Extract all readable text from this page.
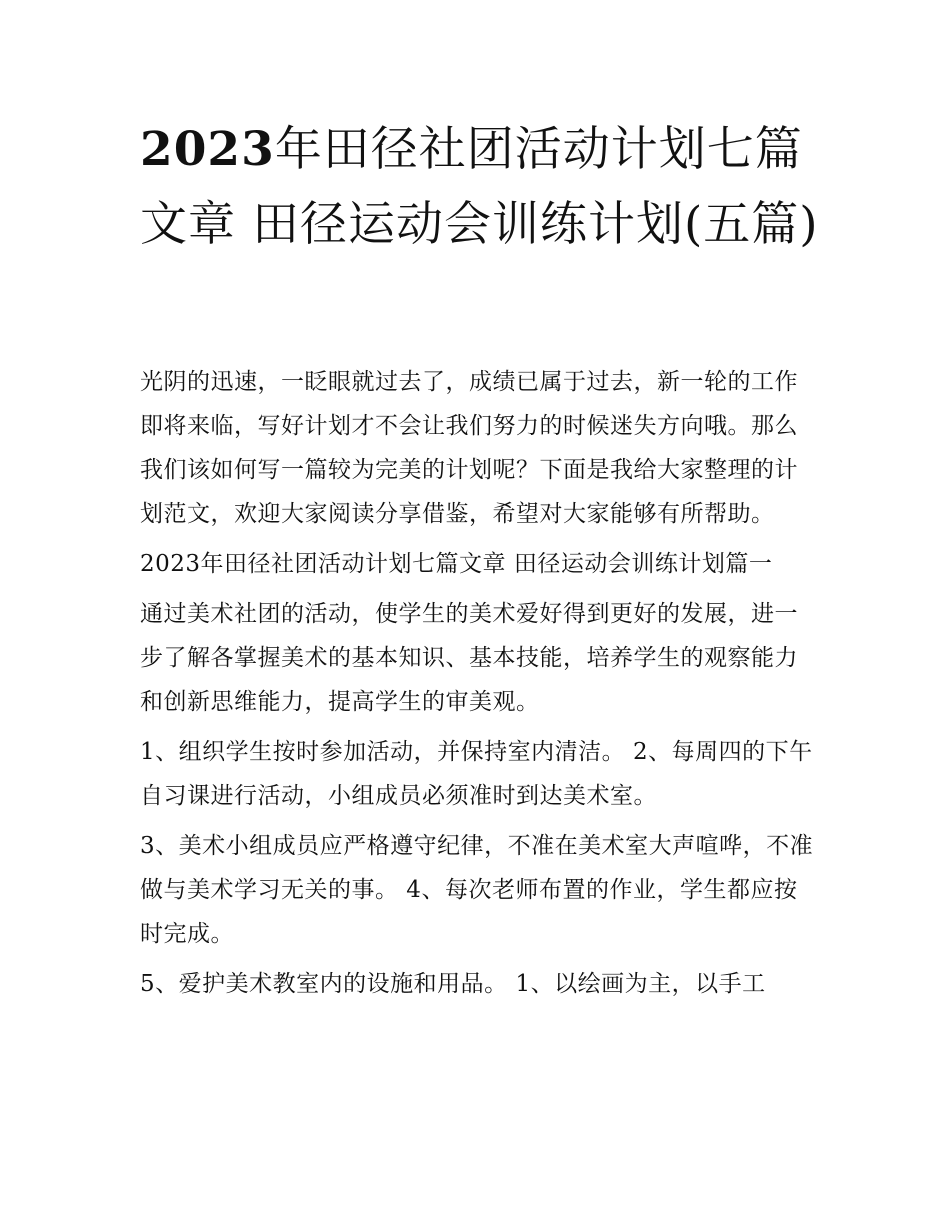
2023年田径社团活动计划七篇文章 田径运动会训练计划(五篇)

光阴的迅速，一眨眼就过去了，成绩已属于过去，新一轮的工作即将来临，写好计划才不会让我们努力的时候迷失方向哦。那么我们该如何写一篇较为完美的计划呢？下面是我给大家整理的计划范文，欢迎大家阅读分享借鉴，希望对大家能够有所帮助。

2023年田径社团活动计划七篇文章 田径运动会训练计划篇一

通过美术社团的活动，使学生的美术爱好得到更好的发展，进一步了解各掌握美术的基本知识、基本技能，培养学生的观察能力和创新思维能力，提高学生的审美观。

1、组织学生按时参加活动，并保持室内清洁。 2、每周四的下午自习课进行活动，小组成员必须准时到达美术室。

3、美术小组成员应严格遵守纪律，不准在美术室大声喧哗，不准做与美术学习无关的事。 4、每次老师布置的作业，学生都应按时完成。

5、爱护美术教室内的设施和用品。 1、以绘画为主，以手工
